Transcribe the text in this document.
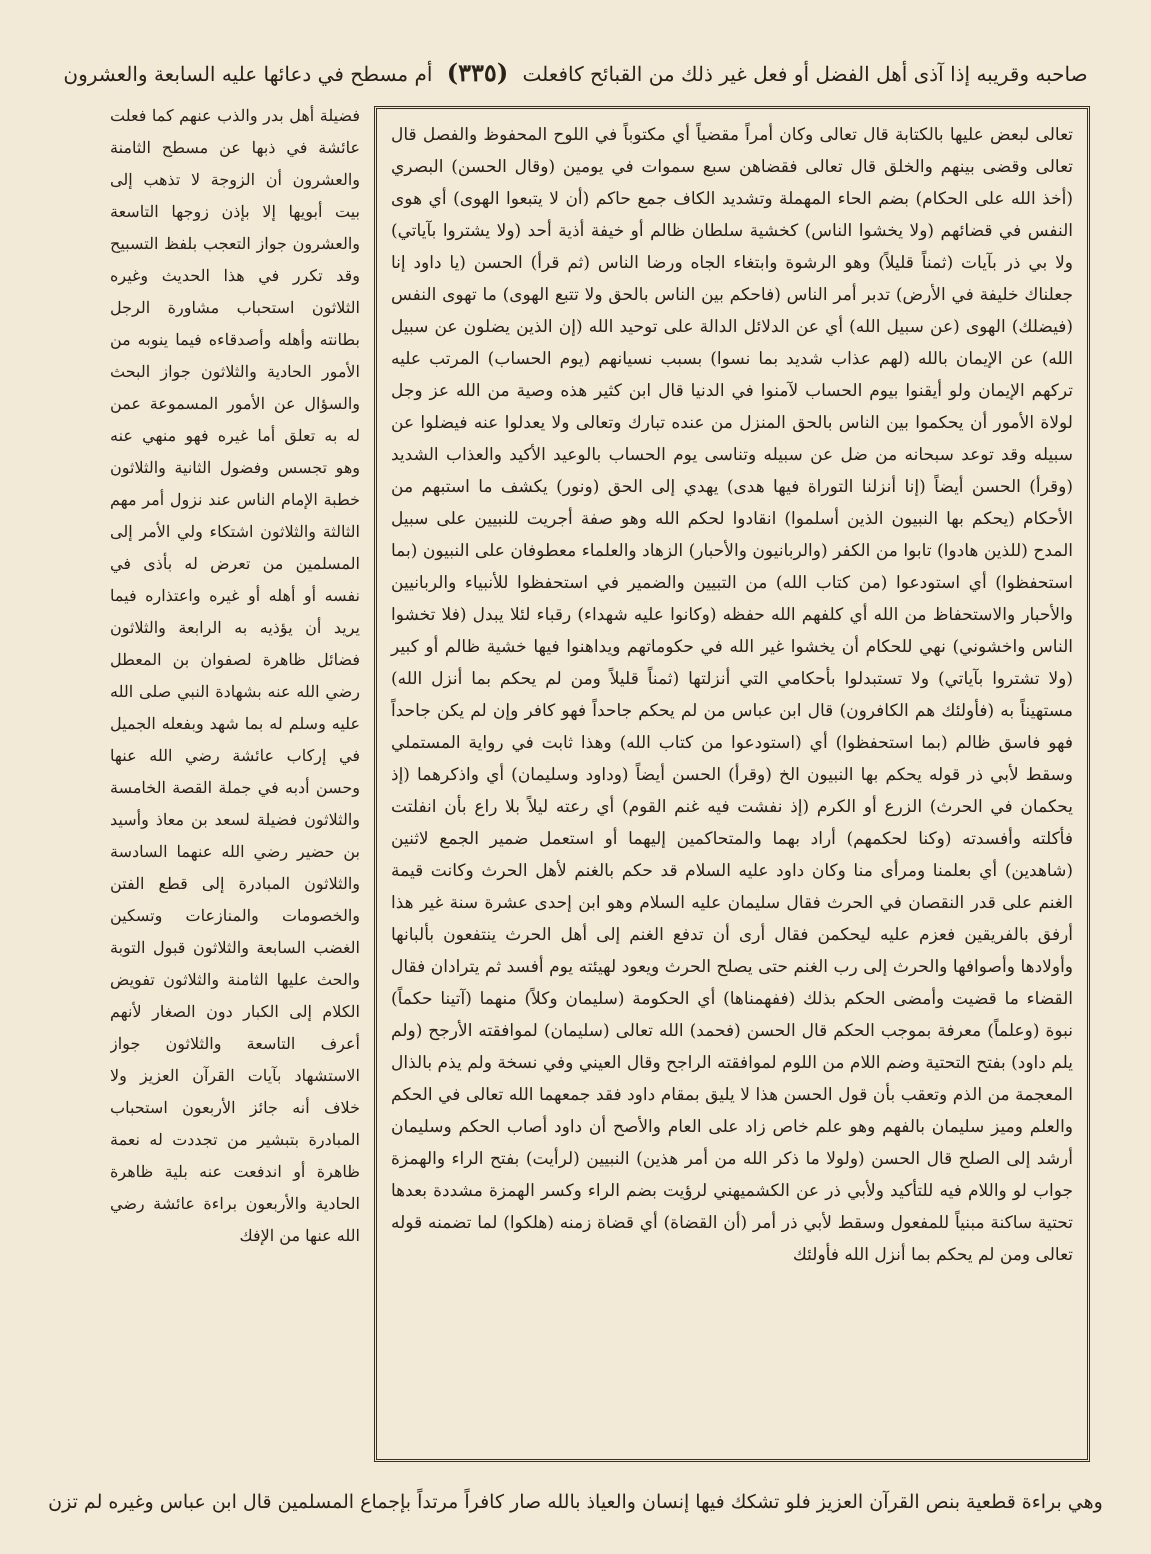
صاحبه وقريبه إذا آذى أهل الفضل أو فعل غير ذلك من القبائح كافعلت (٣٣٥) أم مسطح في دعائها عليه السابعة والعشرون

تعالى لبعض عليها بالكتابة قال تعالى وكان أمراً مقضياً أي مكتوباً في اللوح المحفوظ والفصل قال تعالى وقضى بينهم والخلق قال تعالى فقضاهن سبع سموات في يومين (وقال الحسن) البصري (أخذ الله على الحكام) بضم الحاء المهملة وتشديد الكاف جمع حاكم (أن لا يتبعوا الهوى) أي هوى النفس في قضائهم (ولا يخشوا الناس) كخشية سلطان ظالم أو خيفة أذية أحد (ولا يشتروا بآياتي) ولا بي ذر بآيات (ثمناً قليلاً) وهو الرشوة وابتغاء الجاه ورضا الناس (ثم قرأ) الحسن (يا داود إنا جعلناك خليفة في الأرض) تدبر أمر الناس (فاحكم بين الناس بالحق ولا تتبع الهوى) ما تهوى النفس (فيضلك) الهوى (عن سبيل الله) أي عن الدلائل الدالة على توحيد الله (إن الذين يضلون عن سبيل الله) عن الإيمان بالله (لهم عذاب شديد بما نسوا) بسبب نسيانهم (يوم الحساب) المرتب عليه تركهم الإيمان ولو أيقنوا بيوم الحساب لآمنوا في الدنيا قال ابن كثير هذه وصية من الله عز وجل لولاة الأمور أن يحكموا بين الناس بالحق المنزل من عنده تبارك وتعالى ولا يعدلوا عنه فيضلوا عن سبيله وقد توعد سبحانه من ضل عن سبيله وتناسى يوم الحساب بالوعيد الأكيد والعذاب الشديد (وقرأ) الحسن أيضاً (إنا أنزلنا التوراة فيها هدى) يهدي إلى الحق (ونور) يكشف ما استبهم من الأحكام (يحكم بها النبيون الذين أسلموا) انقادوا لحكم الله وهو صفة أجريت للنبيين على سبيل المدح (للذين هادوا) تابوا من الكفر (والربانيون والأحبار) الزهاد والعلماء معطوفان على النبيون (بما استحفظوا) أي استودعوا (من كتاب الله) من التبيين والضمير في استحفظوا للأنبياء والربانيين والأحبار والاستحفاظ من الله أي كلفهم الله حفظه (وكانوا عليه شهداء) رقباء لئلا يبدل (فلا تخشوا الناس واخشوني) نهي للحكام أن يخشوا غير الله في حكوماتهم ويداهنوا فيها خشية ظالم أو كبير (ولا تشتروا بآياتي) ولا تستبدلوا بأحكامي التي أنزلتها (ثمناً قليلاً ومن لم يحكم بما أنزل الله) مستهيناً به (فأولئك هم الكافرون) قال ابن عباس من لم يحكم جاحداً فهو كافر وإن لم يكن جاحداً فهو فاسق ظالم (بما استحفظوا) أي (استودعوا من كتاب الله) وهذا ثابت في رواية المستملي وسقط لأبي ذر قوله يحكم بها النبيون الخ (وقرأ) الحسن أيضاً (وداود وسليمان) أي واذكرهما (إذ يحكمان في الحرث) الزرع أو الكرم (إذ نفشت فيه غنم القوم) أي رعته ليلاً بلا راع بأن انفلتت فأكلته وأفسدته (وكنا لحكمهم) أراد بهما والمتحاكمين إليهما أو استعمل ضمير الجمع لاثنين (شاهدين) أي بعلمنا ومرأى منا وكان داود عليه السلام قد حكم بالغنم لأهل الحرث وكانت قيمة الغنم على قدر النقصان في الحرث فقال سليمان عليه السلام وهو ابن إحدى عشرة سنة غير هذا أرفق بالفريقين فعزم عليه ليحكمن فقال أرى أن تدفع الغنم إلى أهل الحرث ينتفعون بألبانها وأولادها وأصوافها والحرث إلى رب الغنم حتى يصلح الحرث ويعود لهيئته يوم أفسد ثم يترادان فقال القضاء ما قضيت وأمضى الحكم بذلك (ففهمناها) أي الحكومة (سليمان وكلاً) منهما (آتينا حكماً) نبوة (وعلماً) معرفة بموجب الحكم قال الحسن (فحمد) الله تعالى (سليمان) لموافقته الأرجح (ولم يلم داود) بفتح التحتية وضم اللام من اللوم لموافقته الراجح وقال العيني وفي نسخة ولم يذم بالذال المعجمة من الذم وتعقب بأن قول الحسن هذا لا يليق بمقام داود فقد جمعهما الله تعالى في الحكم والعلم وميز سليمان بالفهم وهو علم خاص زاد على العام والأصح أن داود أصاب الحكم وسليمان أرشد إلى الصلح قال الحسن (ولولا ما ذكر الله من أمر هذين) النبيين (لرأيت) بفتح الراء والهمزة جواب لو واللام فيه للتأكيد ولأبي ذر عن الكشميهني لرؤيت بضم الراء وكسر الهمزة مشددة بعدها تحتية ساكنة مبنياً للمفعول وسقط لأبي ذر أمر (أن القضاة) أي قضاة زمنه (هلكوا) لما تضمنه قوله تعالى ومن لم يحكم بما أنزل الله فأولئك

فضيلة أهل بدر والذب عنهم كما فعلت عائشة في ذبها عن مسطح الثامنة والعشرون أن الزوجة لا تذهب إلى بيت أبويها إلا بإذن زوجها التاسعة والعشرون جواز التعجب بلفظ التسبيح وقد تكرر في هذا الحديث وغيره الثلاثون استحباب مشاورة الرجل بطانته وأهله وأصدقاءه فيما ينوبه من الأمور الحادية والثلاثون جواز البحث والسؤال عن الأمور المسموعة عمن له به تعلق أما غيره فهو منهي عنه وهو تجسس وفضول الثانية والثلاثون خطبة الإمام الناس عند نزول أمر مهم الثالثة والثلاثون اشتكاء ولي الأمر إلى المسلمين من تعرض له بأذى في نفسه أو أهله أو غيره واعتذاره فيما يريد أن يؤذيه به الرابعة والثلاثون فضائل ظاهرة لصفوان بن المعطل رضي الله عنه بشهادة النبي صلى الله عليه وسلم له بما شهد وبفعله الجميل في إركاب عائشة رضي الله عنها وحسن أدبه في جملة القصة الخامسة والثلاثون فضيلة لسعد بن معاذ وأسيد بن حضير رضي الله عنهما السادسة والثلاثون المبادرة إلى قطع الفتن والخصومات والمنازعات وتسكين الغضب السابعة والثلاثون قبول التوبة والحث عليها الثامنة والثلاثون تفويض الكلام إلى الكبار دون الصغار لأنهم أعرف التاسعة والثلاثون جواز الاستشهاد بآيات القرآن العزيز ولا خلاف أنه جائز الأربعون استحباب المبادرة بتبشير من تجددت له نعمة ظاهرة أو اندفعت عنه بلية ظاهرة الحادية والأربعون براءة عائشة رضي الله عنها من الإفك

وهي براءة قطعية بنص القرآن العزيز فلو تشكك فيها إنسان والعياذ بالله صار كافراً مرتداً بإجماع المسلمين قال ابن عباس وغيره لم تزن
